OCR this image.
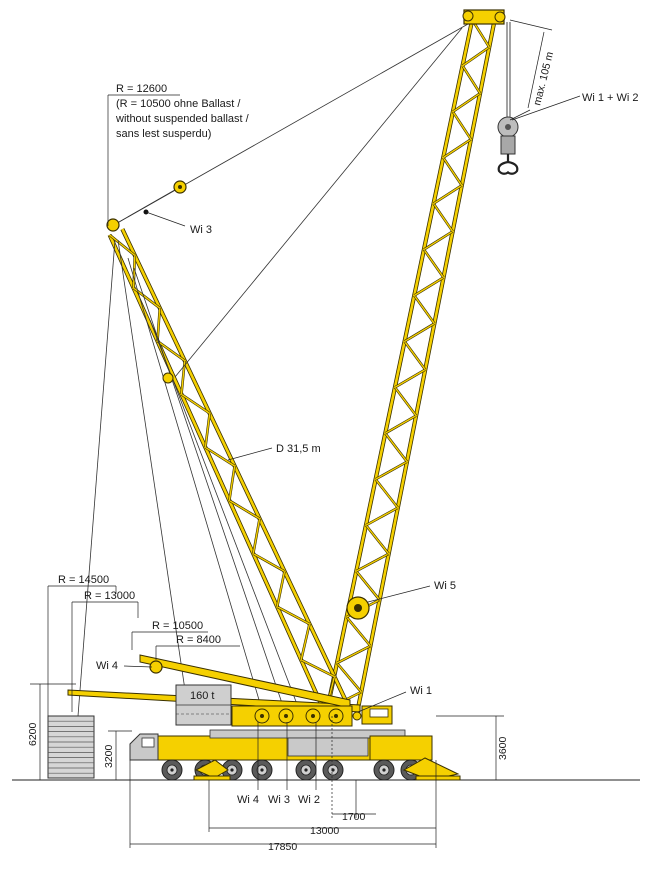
160 t
R = 12600
(R = 10500 ohne Ballast /
without suspended ballast /
sans lest susperdu)
Wi 3
D 31,5 m
max. 105 m Wi 1 + Wi 2
Wi 5
Wi 1
Wi 4
R = 14500
R = 13000
R = 10500
R = 8400
Wi 4 Wi 3 Wi 2
6200
3200	3600
1700
13000
17850
